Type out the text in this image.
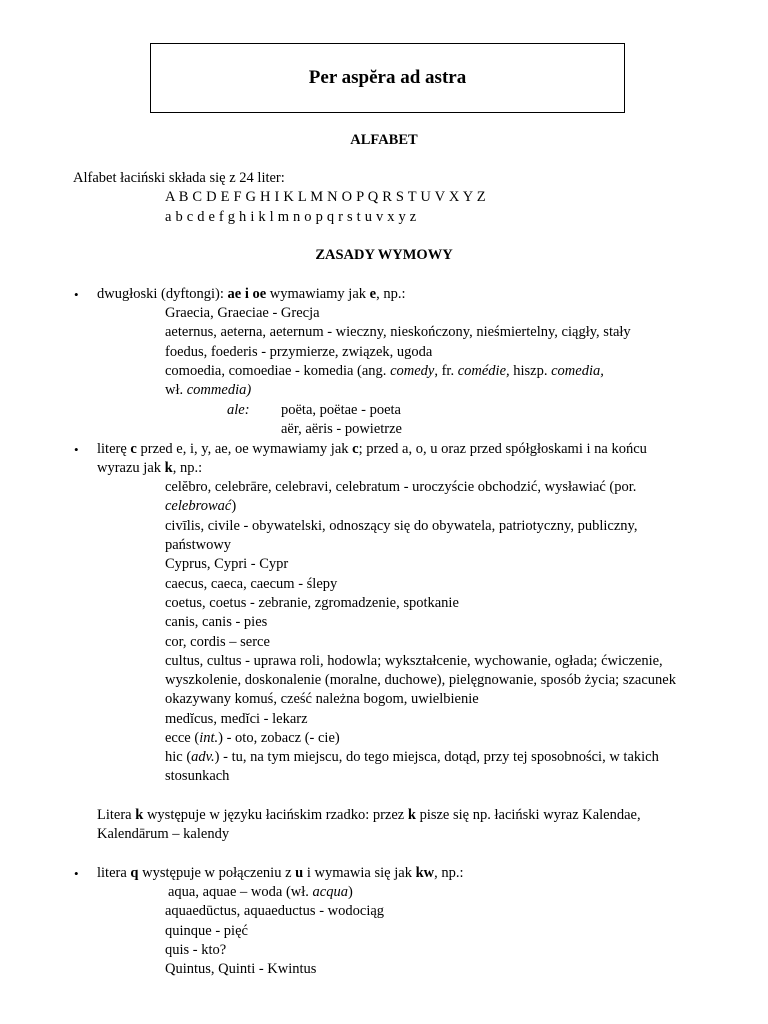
Per aspĕra ad astra
ALFABET
Alfabet łaciński składa się z 24 liter:
A B C D E F G H I K L M N O P Q R S T U V X Y Z
a b c d e f g h i k l m n o p q r s t u v x y z
ZASADY WYMOWY
• dwugłoski (dyftongi): ae i oe wymawiamy jak e, np.:
Graecia, Graeciae - Grecja
aeternus, aeterna, aeternum - wieczny, nieskończony, nieśmiertelny, ciągły, stały
foedus, foederis - przymierze, związek, ugoda
comoedia, comoediae - komedia (ang. comedy, fr. comédie, hiszp. comedia,
wł. commedia)
ale: poëta, poëtae - poeta
aër, aëris - powietrze
• literę c przed e, i, y, ae, oe wymawiamy jak c; przed a, o, u oraz przed spółgłoskami i na końcu
wyrazu jak k, np.:
celĕbro, celebrāre, celebravi, celebratum - uroczyście obchodzić, wysławiać (por.
celebrować)
civīlis, civile - obywatelski, odnoszący się do obywatela, patriotyczny, publiczny,
państwowy
Cyprus, Cypri - Cypr
caecus, caeca, caecum - ślepy
coetus, coetus - zebranie, zgromadzenie, spotkanie
canis, canis - pies
cor, cordis – serce
cultus, cultus - uprawa roli, hodowla; wykształcenie, wychowanie, ogłada; ćwiczenie,
wyszkolenie, doskonalenie (moralne, duchowe), pielęgnowanie, sposób życia; szacunek
okazywany komuś, cześć należna bogom, uwielbienie
medĭcus, medĭci - lekarz
ecce (int.) - oto, zobacz (- cie)
hic (adv.) - tu, na tym miejscu, do tego miejsca, dotąd, przy tej sposobności, w takich
stosunkach
Litera k występuje w języku łacińskim rzadko: przez k pisze się np. łaciński wyraz Kalendae,
Kalendārum – kalendy
• litera q występuje w połączeniu z u i wymawia się jak kw, np.:
aqua, aquae – woda (wł. acqua)
aquaedūctus, aquaeductus - wodociąg
quinque - pięć
quis - kto?
Quintus, Quinti - Kwintus
